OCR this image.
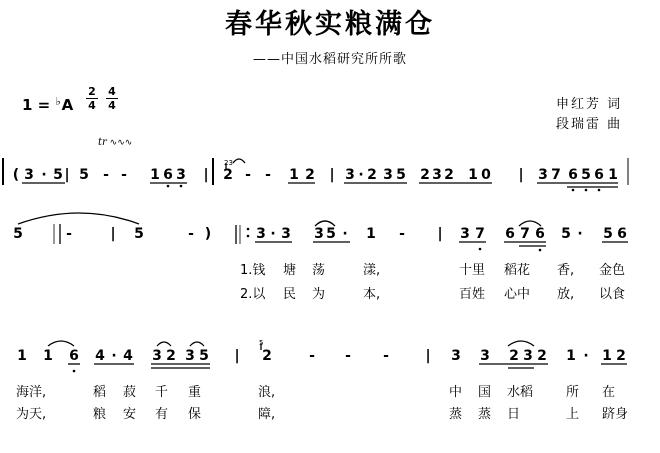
春华秋实粮满仓
——中国水稻研究所所歌
1 = ♭A
2
4
4
4	申红芳 词
段瑞雷 曲
tr ∿∿∿
( 3 · 5 | 5 - - 1 6 3 | 2 - - 1 2 | 3 · 2 3 5 2 3 2 1 0 | 3 7 6 5 6 1
23
5	-	| 5	- )	3 · 3 3 5 · 1 - | 3 7 6 7 6 5 · 5 6
1 1 6 4 · 4 3 2 3 5 | 2	- - -	| 3 3 2 3 2 1 · 1 2
5
1.钱 塘 荡	漾,	十里 稻花 香, 金色
2.以 民 为	本,	百姓 心中 放, 以食
海洋,	稻 菽 千 重	浪,	中 国 水稻	所 在
为天,	粮 安 有 保	障,	蒸 蒸 日	上 跻身
